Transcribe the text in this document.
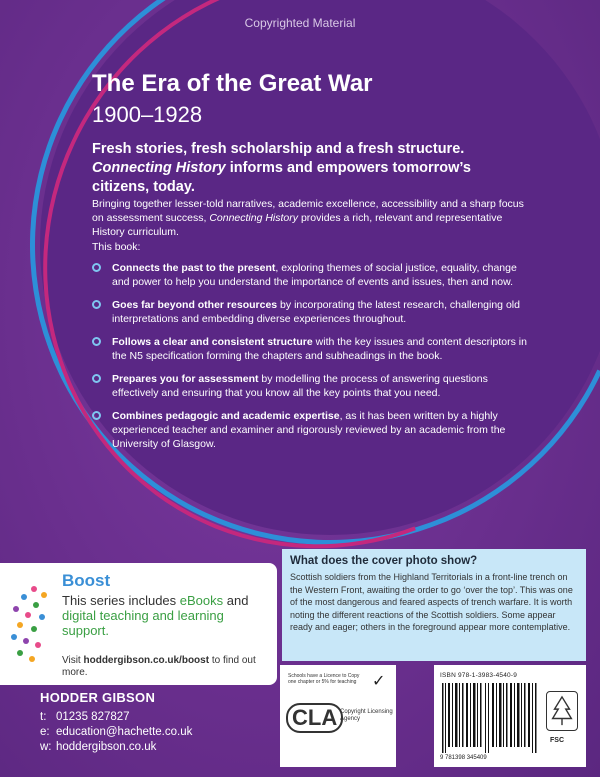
Copyrighted Material
The Era of the Great War
1900–1928
Fresh stories, fresh scholarship and a fresh structure. Connecting History informs and empowers tomorrow’s citizens, today.
Bringing together lesser-told narratives, academic excellence, accessibility and a sharp focus on assessment success, Connecting History provides a rich, relevant and representative History curriculum.
This book:
Connects the past to the present, exploring themes of social justice, equality, change and power to help you understand the importance of events and issues, then and now.
Goes far beyond other resources by incorporating the latest research, challenging old interpretations and embedding diverse experiences throughout.
Follows a clear and consistent structure with the key issues and content descriptors in the N5 specification forming the chapters and subheadings in the book.
Prepares you for assessment by modelling the process of answering questions effectively and ensuring that you know all the key points that you need.
Combines pedagogic and academic expertise, as it has been written by a highly experienced teacher and examiner and rigorously reviewed by an academic from the University of Glasgow.
What does the cover photo show?
Scottish soldiers from the Highland Territorials in a front-line trench on the Western Front, awaiting the order to go ‘over the top’. This was one of the most dangerous and feared aspects of trench warfare. It is worth noting the different reactions of the Scottish soldiers. Some appear ready and eager; others in the foreground appear more contemplative.
Boost
This series includes eBooks and digital teaching and learning support.
Visit hoddergibson.co.uk/boost to find out more.
HODDER GIBSON
t: 01235 827827
e: education@hachette.co.uk
w: hoddergibson.co.uk
Schools have a Licence to Copy one chapter or 5% for teaching ✓
CLA Copyright Licensing Agency
ISBN 978-1-3983-4540-9
9 781398 345409
FSC
